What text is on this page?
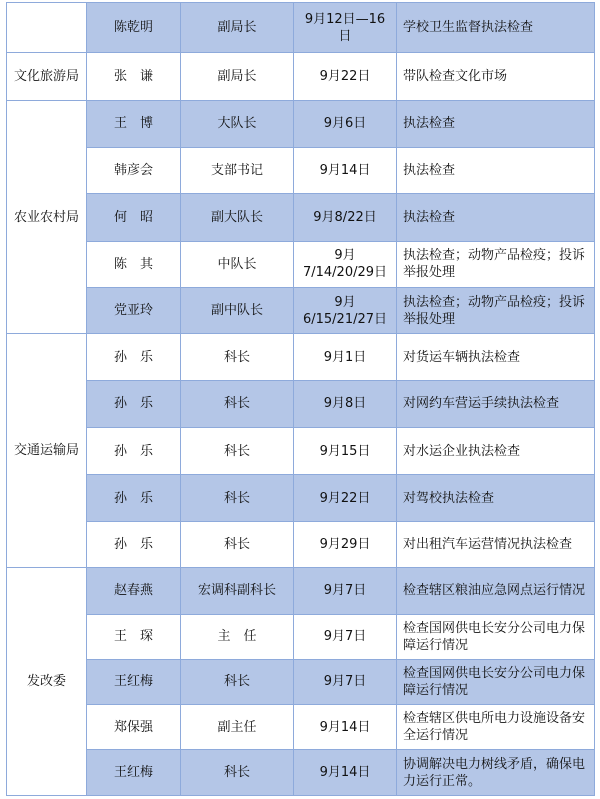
	陈乾明	副局长	9月12日—16日	学校卫生监督执法检查
文化旅游局	张　谦	副局长	9月22日	带队检查文化市场
农业农村局	王　博	大队长	9月6日	执法检查
	韩彦会	支部书记	9月14日	执法检查
	何　昭	副大队长	9月8/22日	执法检查
	陈　其	中队长	9月7/14/20/29日	执法检查；动物产品检疫；投诉举报处理
	党亚玲	副中队长	9月6/15/21/27日	执法检查；动物产品检疫；投诉举报处理
交通运输局	孙　乐	科长	9月1日	对货运车辆执法检查
	孙　乐	科长	9月8日	对网约车营运手续执法检查
	孙　乐	科长	9月15日	对水运企业执法检查
	孙　乐	科长	9月22日	对驾校执法检查
	孙　乐	科长	9月29日	对出租汽车运营情况执法检查
发改委	赵春燕	宏调科副科长	9月7日	检查辖区粮油应急网点运行情况
	王　琛	主　任	9月7日	检查国网供电长安分公司电力保障运行情况
	王红梅	科长	9月7日	检查国网供电长安分公司电力保障运行情况
	郑保强	副主任	9月14日	检查辖区供电所电力设施设备安全运行情况
	王红梅	科长	9月14日	协调解决电力树线矛盾，确保电力运行正常。
